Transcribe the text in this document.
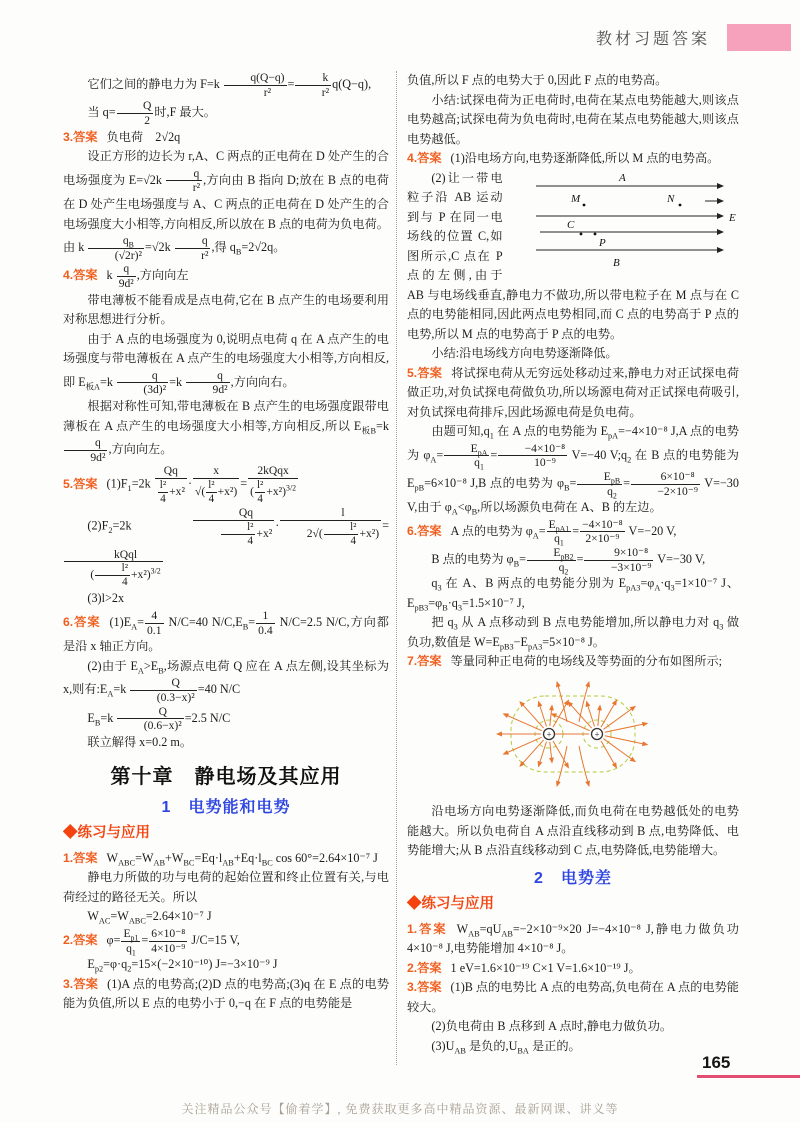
教材习题答案

它们之间的静电力为 $F=k \frac{q(Q-q)}{\text{r²}} = \frac{k}{\text{r²}} q(Q-q)$,

当 $q= \frac{Q}{2}$ 时,F 最大。

3.答案 负电荷　2√2q

设正方形的边长为 r,A、C 两点的正电荷在 D 处产生的合电场强度为 $E=√2k \frac{q}{\text{r²}}$ ,方向由 B 指向 D;放在 B 点的电荷在 D 处产生电场强度与 A、C 两点的正电荷在 D 处产生的合电场强度大小相等,方向相反,所以放在 B 点的电荷为负电荷。由 k $\frac{q_B}{\text{(√2r)²}} =√2k \frac{q}{\text{r²}}$ ,得 $q_B=2√2q$。

4.答案 k $\frac{q}{\text{9d²}}$ ,方向向左

带电薄板不能看成是点电荷,它在 B 点产生的电场要利用对称思想进行分析。

由于 A 点的电场强度为 0,说明点电荷 q 在 A 点产生的电场强度与带电薄板在 A 点产生的电场强度大小相等,方向相反,即 $E_{板A}=k \frac{q}{\text{(3d)²}} =k \frac{q}{\text{9d²}}$ ,方向向右。

根据对称性可知,带电薄板在 B 点产生的电场强度跟带电薄板在 A 点产生的电场强度大小相等,方向相反,所以 $E_{板B}=k$
$\frac{q}{\text{9d²}}$ ,方向向左。

5.答案 $(1)F_1=2k \frac{Qq}{\frac{\text{l²}}{4} +x^2} \cdot \frac{x}{√( \frac{\text{l²}}{4} +x^2)} = \frac{\text{2kQqx}}{( \frac{\text{l²}}{4} +x^2)^{3/2}}$

$(2)F_2=2k \frac{Qq}{\frac{\text{l²}}{4} +x^2} \cdot \frac{l}{2√( \frac{\text{l²}}{4} +x^2)}$ =
$\frac{\text{kQql}}{( \frac{\text{l²}}{4} +x^2)^{3/2}}$

(3)l>2x

6.答案 $(1)E_A= \frac{4}{0.1} N/C=40$ $N/C,E_B= \frac{1}{0.4} N/C=2.5$ N/C,方向都是沿 x 轴正方向。

(2)由于 $E_A>E_B$,场源点电荷 Q 应在 A 点左侧,设其坐标为 x,则有$:E_A=k \frac{Q}{\text{(0.3−x)²}} =40$ N/C

$E_B=k \frac{Q}{\text{(0.6−x)²}} =2.5$ N/C

联立解得 x=0.2 m。

第十章　静电场及其应用
1　电势能和电势
◆练习与应用

1.答案 $W_{ABC}=W_{AB}+W_{BC}=Eq\cdot l_{AB}+Eq\cdot l_{BC}$ cos 60°=2.64×10⁻⁷ J

静电力所做的功与电荷的起始位置和终止位置有关,与电荷经过的路径无关。所以

$W_{AC}=W_{ABC}=2.64\times 10^{-7}$ J

2.答案 $\varphi= \frac{E_{p1}}{q_1} = \frac{\text{6×10⁻⁸}}{\text{4×10⁻⁹}} J/C=15$ V,

$E_{p2}=\varphi\cdot q_2=15\times(-2\times 10^{-10})$ J=−3×10⁻⁹ J

3.答案 (1)A 点的电势高;(2)D 点的电势高;(3)q 在 E 点的电势能为负值,所以 E 点的电势小于 0,−q 在 F 点的电势能是

负值,所以 F 点的电势大于 0,因此 F 点的电势高。

小结:试探电荷为正电荷时,电荷在某点电势能越大,则该点电势越高;试探电荷为负电荷时,电荷在某点电势能越大,则该点电势越低。

4.答案 (1)沿电场方向,电势逐渐降低,所以 M 点的电势高。

A
M	N
E
C
P
B
(2)让一带电粒子沿 AB 运动到与 P 在同一电场线的位置 C,如图所示,C 点在 P 点的左侧,由于 AB 与电场线垂直,静电力不做功,所以带电粒子在 M 点与在 C 点的电势能相同,因此两点电势相同,而 C 点的电势高于 P 点的电势,所以 M 点的电势高于 P 点的电势。

小结:沿电场线方向电势逐渐降低。

5.答案 将试探电荷从无穷远处移动过来,静电力对正试探电荷做正功,对负试探电荷做负功,所以场源电荷对正试探电荷吸引,对负试探电荷排斥,因此场源电荷是负电荷。

由题可知$,q_1$ 在 A 点的电势能为 $E_{pA}=-4\times 10^{-8}$ J,A 点的电势为 $\varphi_A= \frac{E_{pA}}{q_1} = \frac{\text{−4×10⁻⁸}}{\text{10⁻⁹}} V=-40$ $V;q_2$ 在 B 点的电势能为 $E_{pB}=6\times 10^{-8}$ J,B 点的电势为 $\varphi_B= \frac{E_{pB}}{q_2} = \frac{\text{6×10⁻⁸}}{\text{−2×10⁻⁹}} V=-30$ V,由于 $\varphi_A<\varphi_B$,所以场源负电荷在 A、B 的左边。

6.答案 A 点的电势为 $\varphi_A= \frac{E_{pA1}}{q_1} = \frac{\text{−4×10⁻⁸}}{\text{2×10⁻⁹}} V=-20$ V,

B 点的电势为 $\varphi_B= \frac{E_{pB2}}{q_2} = \frac{\text{9×10⁻⁸}}{\text{−3×10⁻⁹}} V=-30$ V,

$q_3$ 在 A、B 两点的电势能分别为 $E_{pA3}=\varphi_A\cdot q_3=1\times 10^{-7}$ J、$E_{pB3}=\varphi_B\cdot q_3=1.5\times 10^{-7}$ J,

把 $q_3$ 从 A 点移动到 B 点电势能增加,所以静电力对 $q_3$ 做负功,数值是 $W=E_{pB3}-E_{pA3}=5\times 10^{-8}$ J。

7.答案 等量同种正电荷的电场线及等势面的分布如图所示;

+	+

沿电场方向电势逐渐降低,而负电荷在电势越低处的电势能越大。所以负电荷自 A 点沿直线移动到 B 点,电势降低、电势能增大;从 B 点沿直线移动到 C 点,电势降低,电势能增大。

2　电势差
◆练习与应用

1.答案 $W_{AB}=qU_{AB}=-2\times 10^{-9}\times 20$ J=−4×10⁻⁸ J,静电力做负功 4×10⁻⁸ J,电势能增加 4×10⁻⁸ J。

2.答案 1 eV=1.6×10⁻¹⁹ C×1 V=1.6×10⁻¹⁹ J。

3.答案 (1)B 点的电势比 A 点的电势高,负电荷在 A 点的电势能较大。

(2)负电荷由 B 点移到 A 点时,静电力做负功。

$(3)U_{AB}$ 是负的$,U_{BA}$ 是正的。

165
关注精品公众号【偷着学】, 免费获取更多高中精品资源、最新网课、讲义等
